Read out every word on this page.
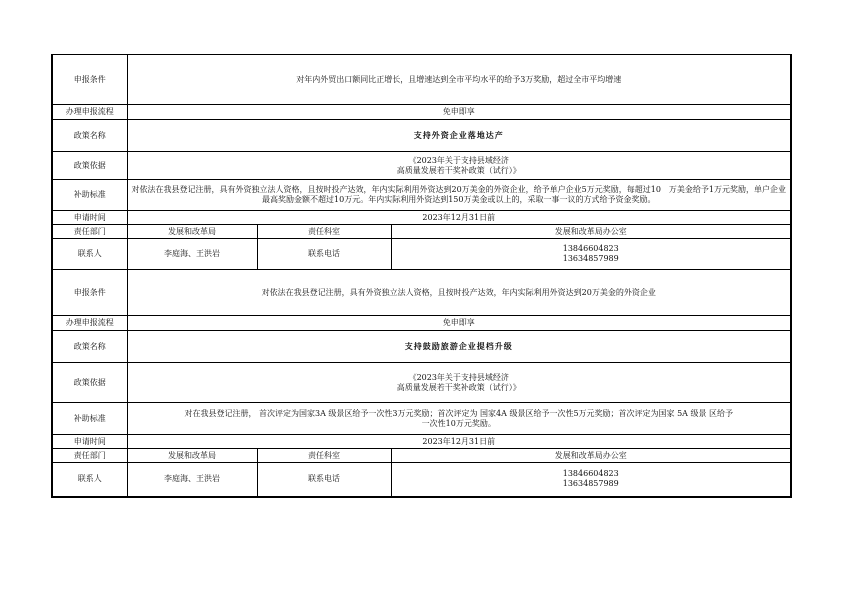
申报条件	对年内外贸出口额同比正增长，且增速达到全市平均水平的给予3万奖励，超过全市平均增速		
办理申报流程	免申即享		
政策名称	支持外资企业落地达产		
政策依据	《2023年关于支持县域经济
高质量发展若干奖补政策（试行）》		

补助标准	对依法在我县登记注册，具有外资独立法人资格，且按时投产达效，年内实际利用外资达到20万美金的外资企业，给予单户企业5万元奖励，每超过10　万美金给予1万元奖励，单户企业最高奖励金额不超过10万元。年内实际利用外资达到150万美金或以上的，采取一事一议的方式给予资金奖励。		
申请时间	2023年12月31日前		
责任部门	发展和改革局	责任科室	发展和改革局办公室
联系人	李庭海、王洪岩	联系电话	13846604823
13634857989

申报条件	对依法在我县登记注册，具有外资独立法人资格，且按时投产达效，年内实际利用外资达到20万美金的外资企业		
办理申报流程	免申即享		
政策名称	支持鼓励旅游企业提档升级		
政策依据	《2023年关于支持县域经济
高质量发展若干奖补政策（试行）》		

补助标准	对在我县登记注册， 首次评定为国家3A 级景区给予一次性3万元奖励；首次评定为 国家4A 级景区给予一次性5万元奖励；首次评定为国家 5A 级景 区给予
一次性10万元奖励。		

申请时间	2023年12月31日前		
责任部门	发展和改革局	责任科室	发展和改革局办公室
联系人	李庭海、王洪岩	联系电话	13846604823
13634857989
